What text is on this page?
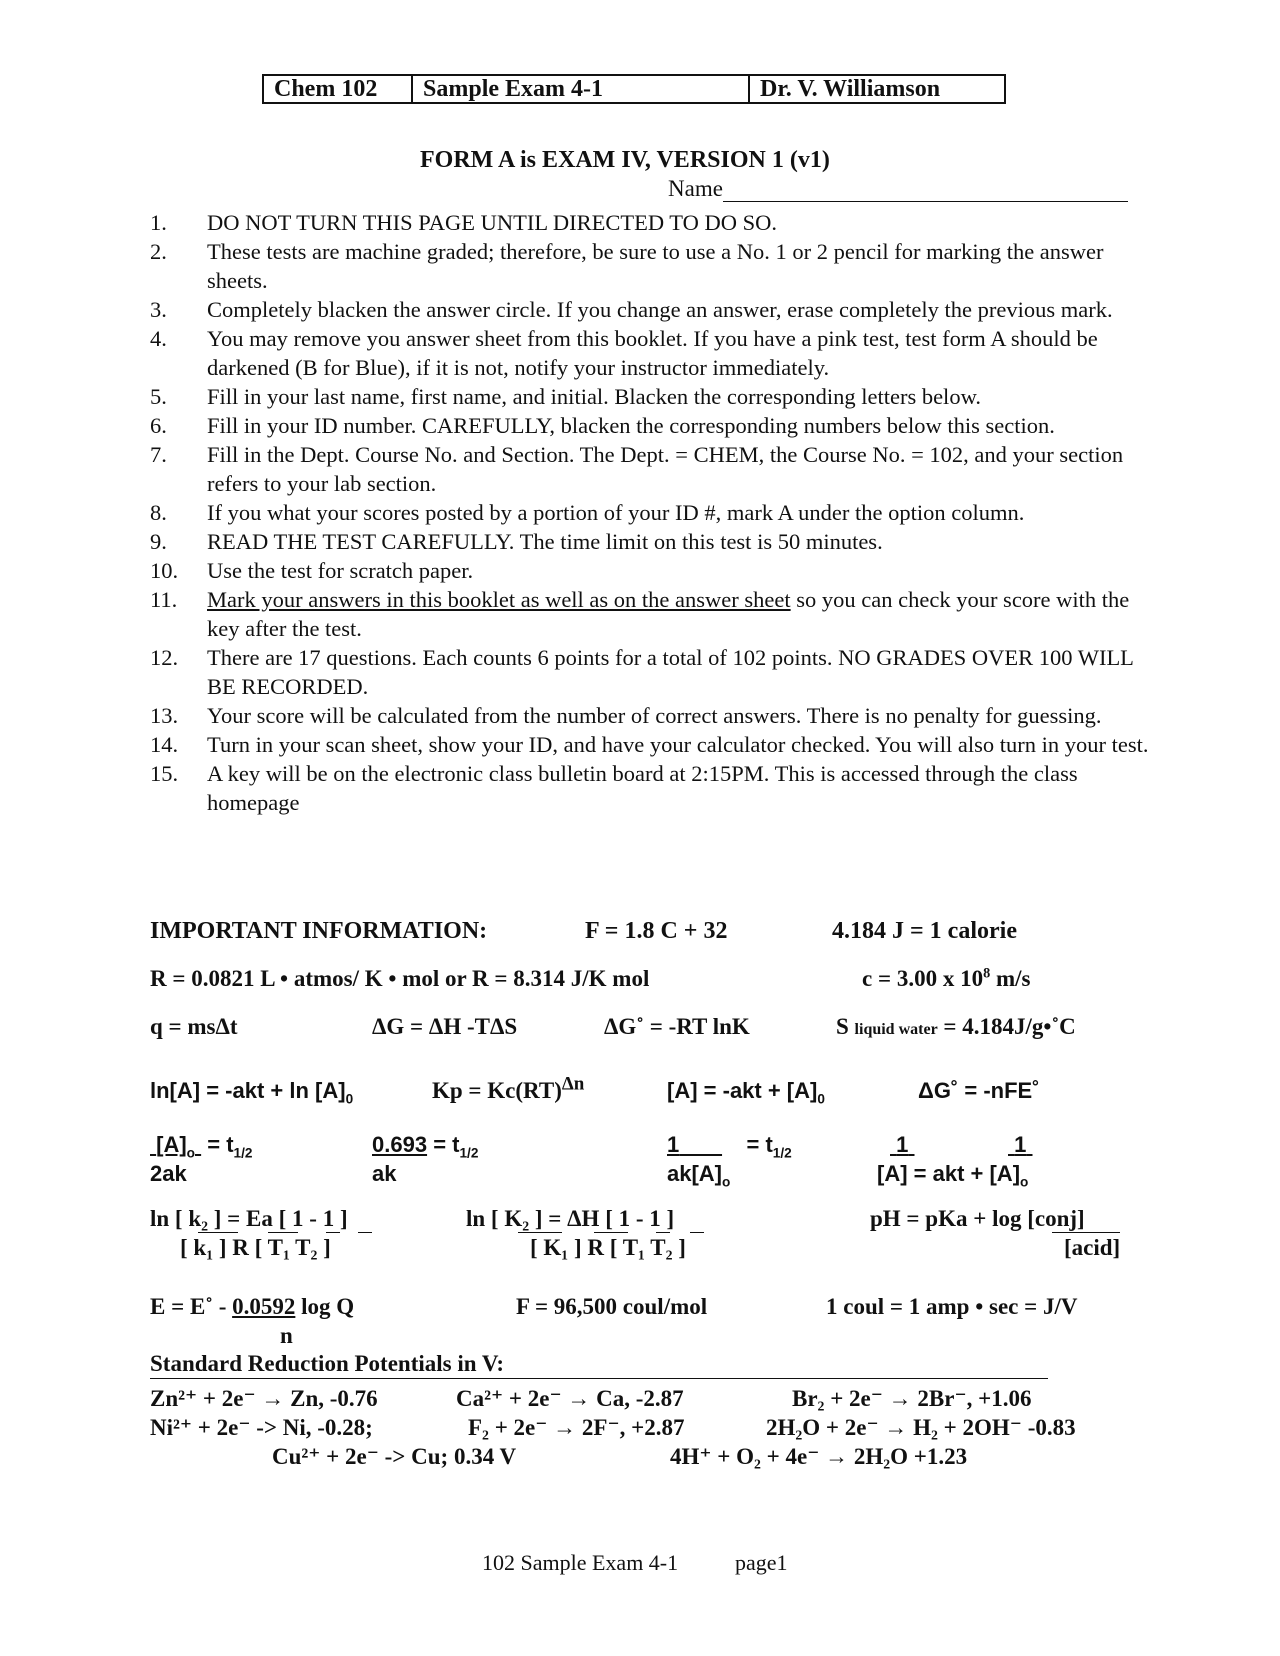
Chem 102	Sample Exam 4-1	Dr. V. Williamson
FORM A is EXAM IV, VERSION 1 (v1)
Name
1.	DO NOT TURN THIS PAGE UNTIL DIRECTED TO DO SO.
2.	These tests are machine graded; therefore, be sure to use a No. 1 or 2 pencil for marking the answer sheets.
3.	Completely blacken the answer circle. If you change an answer, erase completely the previous mark.
4.	You may remove you answer sheet from this booklet. If you have a pink test, test form A should be darkened (B for Blue), if it is not, notify your instructor immediately.
5.	Fill in your last name, first name, and initial. Blacken the corresponding letters below.
6.	Fill in your ID number. CAREFULLY, blacken the corresponding numbers below this section.
7.	Fill in the Dept. Course No. and Section. The Dept. = CHEM, the Course No. = 102, and your section refers to your lab section.
8.	If you what your scores posted by a portion of your ID #, mark A under the option column.
9.	READ THE TEST CAREFULLY. The time limit on this test is 50 minutes.
10.	Use the test for scratch paper.
11.	Mark your answers in this booklet as well as on the answer sheet so you can check your score with the key after the test.
12.	There are 17 questions. Each counts 6 points for a total of 102 points. NO GRADES OVER 100 WILL BE RECORDED.
13.	Your score will be calculated from the number of correct answers. There is no penalty for guessing.
14.	Turn in your scan sheet, show your ID, and have your calculator checked. You will also turn in your test.
15.	A key will be on the electronic class bulletin board at 2:15PM. This is accessed through the class homepage
IMPORTANT INFORMATION:	F = 1.8 C + 32	4.184 J = 1 calorie
R = 0.0821 L • atmos/ K • mol or R = 8.314 J/K mol	c = 3.00 x $10^8$ m/s
q = msΔt	ΔG = ΔH -TΔS	ΔG˚ = -RT lnK	S liquid water = 4.184J/g•˚C
$\ln[A] = -akt + \ln [A]_0$	Kp = Kc(RT)$^{\Delta n}$	$[A] = -akt + [A]_0$	ΔG˚ = -nFE˚
$[A]_o = t_{1/2}$
2ak
$0.693 = t_{1/2}$
ak
1	= $t_{1/2}$
$ak[A]_o$
1	1
[A] = akt + $[A]_o$
ln [ k₂ ] = Ea [ 1 - 1 ]
[ k₁ ] R [ T₁ T₂ ]
ln [ K₂ ] = ΔH [ 1 - 1 ]
[ K₁ ] R [ T₁ T₂ ]
pH = pKa + log [conj]
[acid]
E = E˚ - 0.0592 log Q
n
F = 96,500 coul/mol	1 coul = 1 amp • sec = J/V
Standard Reduction Potentials in V:
Zn²⁺ + 2e⁻ → Zn, -0.76	Ca²⁺ + 2e⁻ → Ca, -2.87	Br₂ + 2e⁻ → 2Br⁻, +1.06
Ni²⁺ + 2e⁻ -> Ni, -0.28;	F₂ + 2e⁻ → 2F⁻, +2.87	2H₂O + 2e⁻ → H₂ + 2OH⁻ -0.83
Cu²⁺ + 2e⁻ -> Cu; 0.34 V	4H⁺ + O₂ + 4e⁻ → 2H₂O +1.23
102 Sample Exam 4-1	page1
